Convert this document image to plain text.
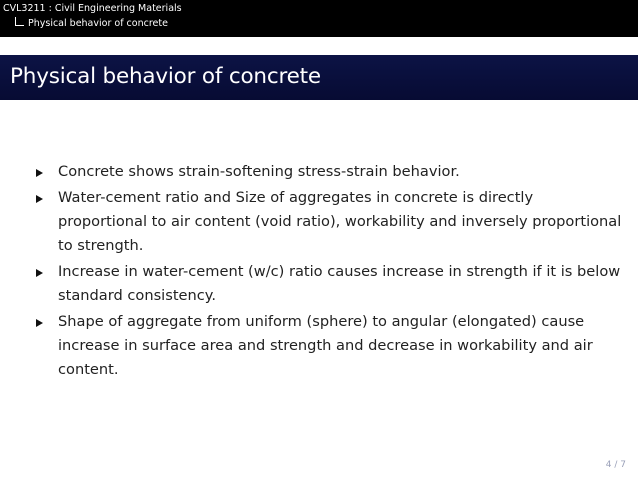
CVL3211 : Civil Engineering Materials
Physical behavior of concrete
Physical behavior of concrete
Concrete shows strain-softening stress-strain behavior.
Water-cement ratio and Size of aggregates in concrete is directly proportional to air content (void ratio), workability and inversely proportional to strength.
Increase in water-cement (w/c) ratio causes increase in strength if it is below standard consistency.
Shape of aggregate from uniform (sphere) to angular (elongated) cause increase in surface area and strength and decrease in workability and air content.
4 / 7
